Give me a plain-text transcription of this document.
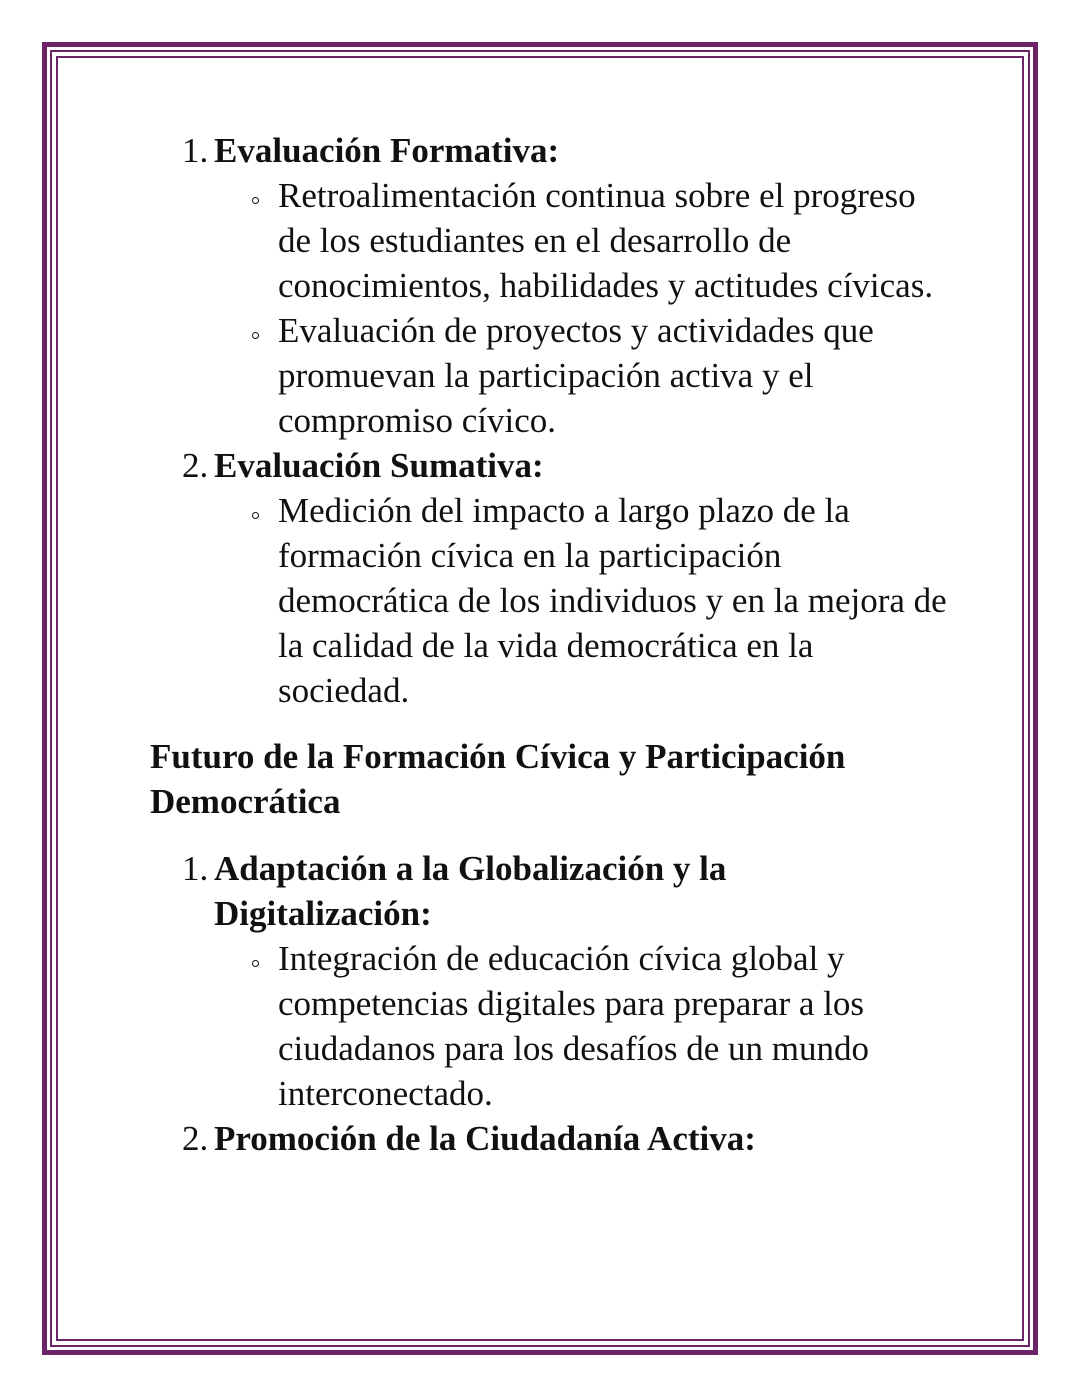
1. Evaluación Formativa:
Retroalimentación continua sobre el progreso de los estudiantes en el desarrollo de conocimientos, habilidades y actitudes cívicas.
Evaluación de proyectos y actividades que promuevan la participación activa y el compromiso cívico.
2. Evaluación Sumativa:
Medición del impacto a largo plazo de la formación cívica en la participación democrática de los individuos y en la mejora de la calidad de la vida democrática en la sociedad.
Futuro de la Formación Cívica y Participación Democrática
1. Adaptación a la Globalización y la Digitalización:
Integración de educación cívica global y competencias digitales para preparar a los ciudadanos para los desafíos de un mundo interconectado.
2. Promoción de la Ciudadanía Activa:
